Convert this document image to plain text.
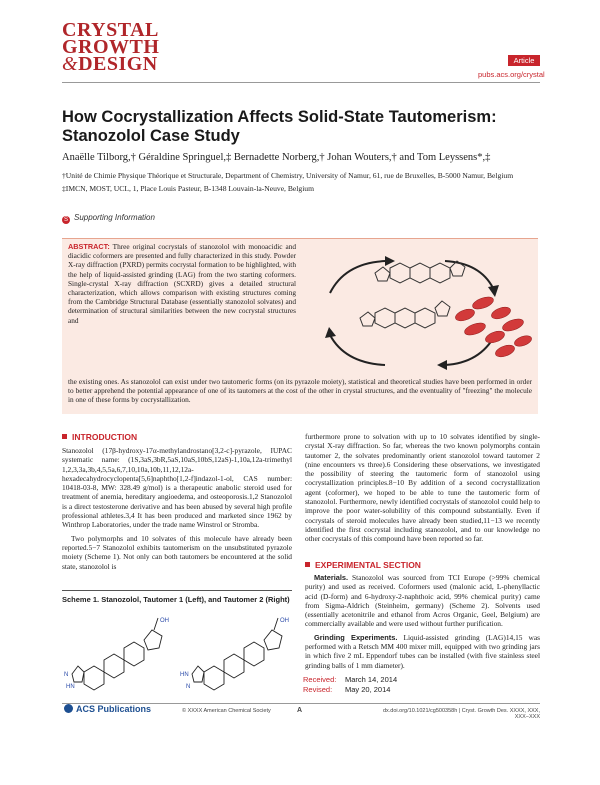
CRYSTAL
GROWTH
&DESIGN	Article
pubs.acs.org/crystal
How Cocrystallization Affects Solid-State Tautomerism: Stanozolol Case Study
Anaëlle Tilborg,† Géraldine Springuel,‡ Bernadette Norberg,† Johan Wouters,† and Tom Leyssens*,‡

†Unité de Chimie Physique Théorique et Structurale, Department of Chemistry, University of Namur, 61, rue de Bruxelles, B-5000 Namur, Belgium

‡IMCN, MOST, UCL, 1, Place Louis Pasteur, B-1348 Louvain-la-Neuve, Belgium

S Supporting Information
ABSTRACT: Three original cocrystals of stanozolol with monoacidic and diacidic coformers are presented and fully characterized in this study. Powder X-ray diffraction (PXRD) permits cocrystal formation to be highlighted, with the help of liquid-assisted grinding (LAG) from the two starting coformers. Single-crystal X-ray diffraction (SCXRD) gives a detailed structural characterization, which allows comparison with existing structures coming from the Cambridge Structural Database (essentially stanozolol solvates) and determination of structural similarities between the new cocrystal structures and
the existing ones. As stanozolol can exist under two tautomeric forms (on its pyrazole moiety), statistical and theoretical studies have been performed in order to better apprehend the potential appearance of one of its tautomers at the cost of the other in crystal structures, and the eventuality of "freezing" the molecule in one of these forms by cocrystallization.
INTRODUCTION

Stanozolol (17β-hydroxy-17α-methylandrostano[3,2-c]-pyrazole, IUPAC systematic name: (1S,3aS,3bR,5aS,10aS,10bS,12aS)-1,10a,12a-trimethyl 1,2,3,3a,3b,4,5,5a,6,7,10,10a,10b,11,12,12a-hexadecahydrocyclopenta[5,6]naphtho[1,2-f]indazol-1-ol, CAS number: 10418-03-8, MW: 328.49 g/mol) is a therapeutic anabolic steroid used for treatment of anemia, hereditary angioedema, and osteoporosis.1,2 Stanozolol is a direct testosterone derivative and has been abused by several high profile professional athletes.3,4 It has been produced and marketed since 1962 by Winthrop Laboratories, under the trade name Winstrol or Stromba.

Two polymorphs and 10 solvates of this molecule have already been reported.5−7 Stanozolol exhibits tautomerism on the unsubstituted pyrazole moiety (Scheme 1). Not only can both tautomers be encountered at the solid state, stanozolol is

Scheme 1. Stanozolol, Tautomer 1 (Left), and Tautomer 2 (Right)
N
HN
OH
HN
N
OH

furthermore prone to solvation with up to 10 solvates identified by single-crystal X-ray diffraction. So far, whereas the two known polymorphs contain tautomer 2, the solvates predominantly orient stanozolol toward tautomer 2 (nine encounters vs three).6 Considering these observations, we investigated the possibility of steering the tautomeric form of stanozolol using cocrystallization principles.8−10 By addition of a second cocrystallization agent (coformer), we hoped to be able to tune the tautomeric form of stanozolol. Furthermore, newly identified cocrystals of stanozolol could help to improve the poor water-solubility of this compound substantially. Even if cocrystals of steroid molecules have already been studied,11−13 we recently identified the first cocrystal including stanozolol, and to our knowledge no other cocrystals of this compound have been reported so far.

EXPERIMENTAL SECTION

Materials. Stanozolol was sourced from TCI Europe (>99% chemical purity) and used as received. Coformers used (malonic acid, L-phenyllactic acid (D-form) and 6-hydroxy-2-naphthoic acid, 99% chemical purity) came from Sigma-Aldrich (Steinheim, germany) (Scheme 2). Solvents used (essentially acetonitrile and ethanol from Acros Organic, Geel, Belgium) are commercially available and were used without further purification.

Grinding Experiments. Liquid-assisted grinding (LAG)14,15 was performed with a Retsch MM 400 mixer mill, equipped with two grinding jars in which five 2 mL Eppendorf tubes can be installed (with five stainless steel grinding balls of 1 mm diameter).

Received: March 14, 2014
Revised: May 20, 2014
ACS Publications	© XXXX American Chemical Society	A	dx.doi.org/10.1021/cg500358h | Cryst. Growth Des. XXXX, XXX, XXX−XXX
